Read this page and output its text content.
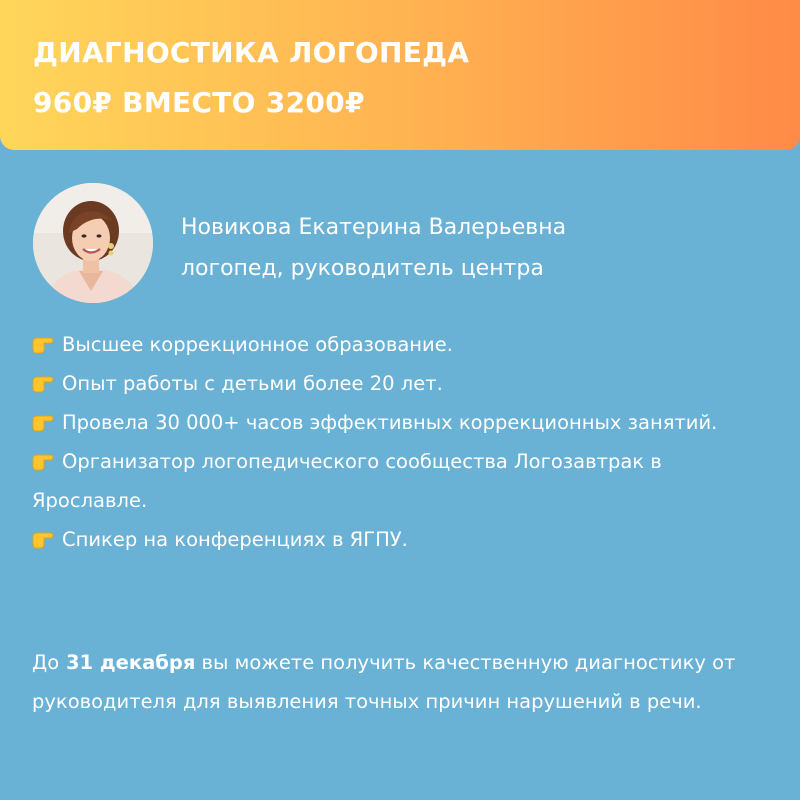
ДИАГНОСТИКА ЛОГОПЕДА
960₽ ВМЕСТО 3200₽
Новикова Екатерина Валерьевна
логопед, руководитель центра
Высшее коррекционное образование.
Опыт работы с детьми более 20 лет.
Провела 30 000+ часов эффективных коррекционных занятий.
Организатор логопедического сообщества Логозавтрак в Ярославле.
Спикер на конференциях в ЯГПУ.

До 31 декабря вы можете получить качественную диагностику от руководителя для выявления точных причин нарушений в речи.
